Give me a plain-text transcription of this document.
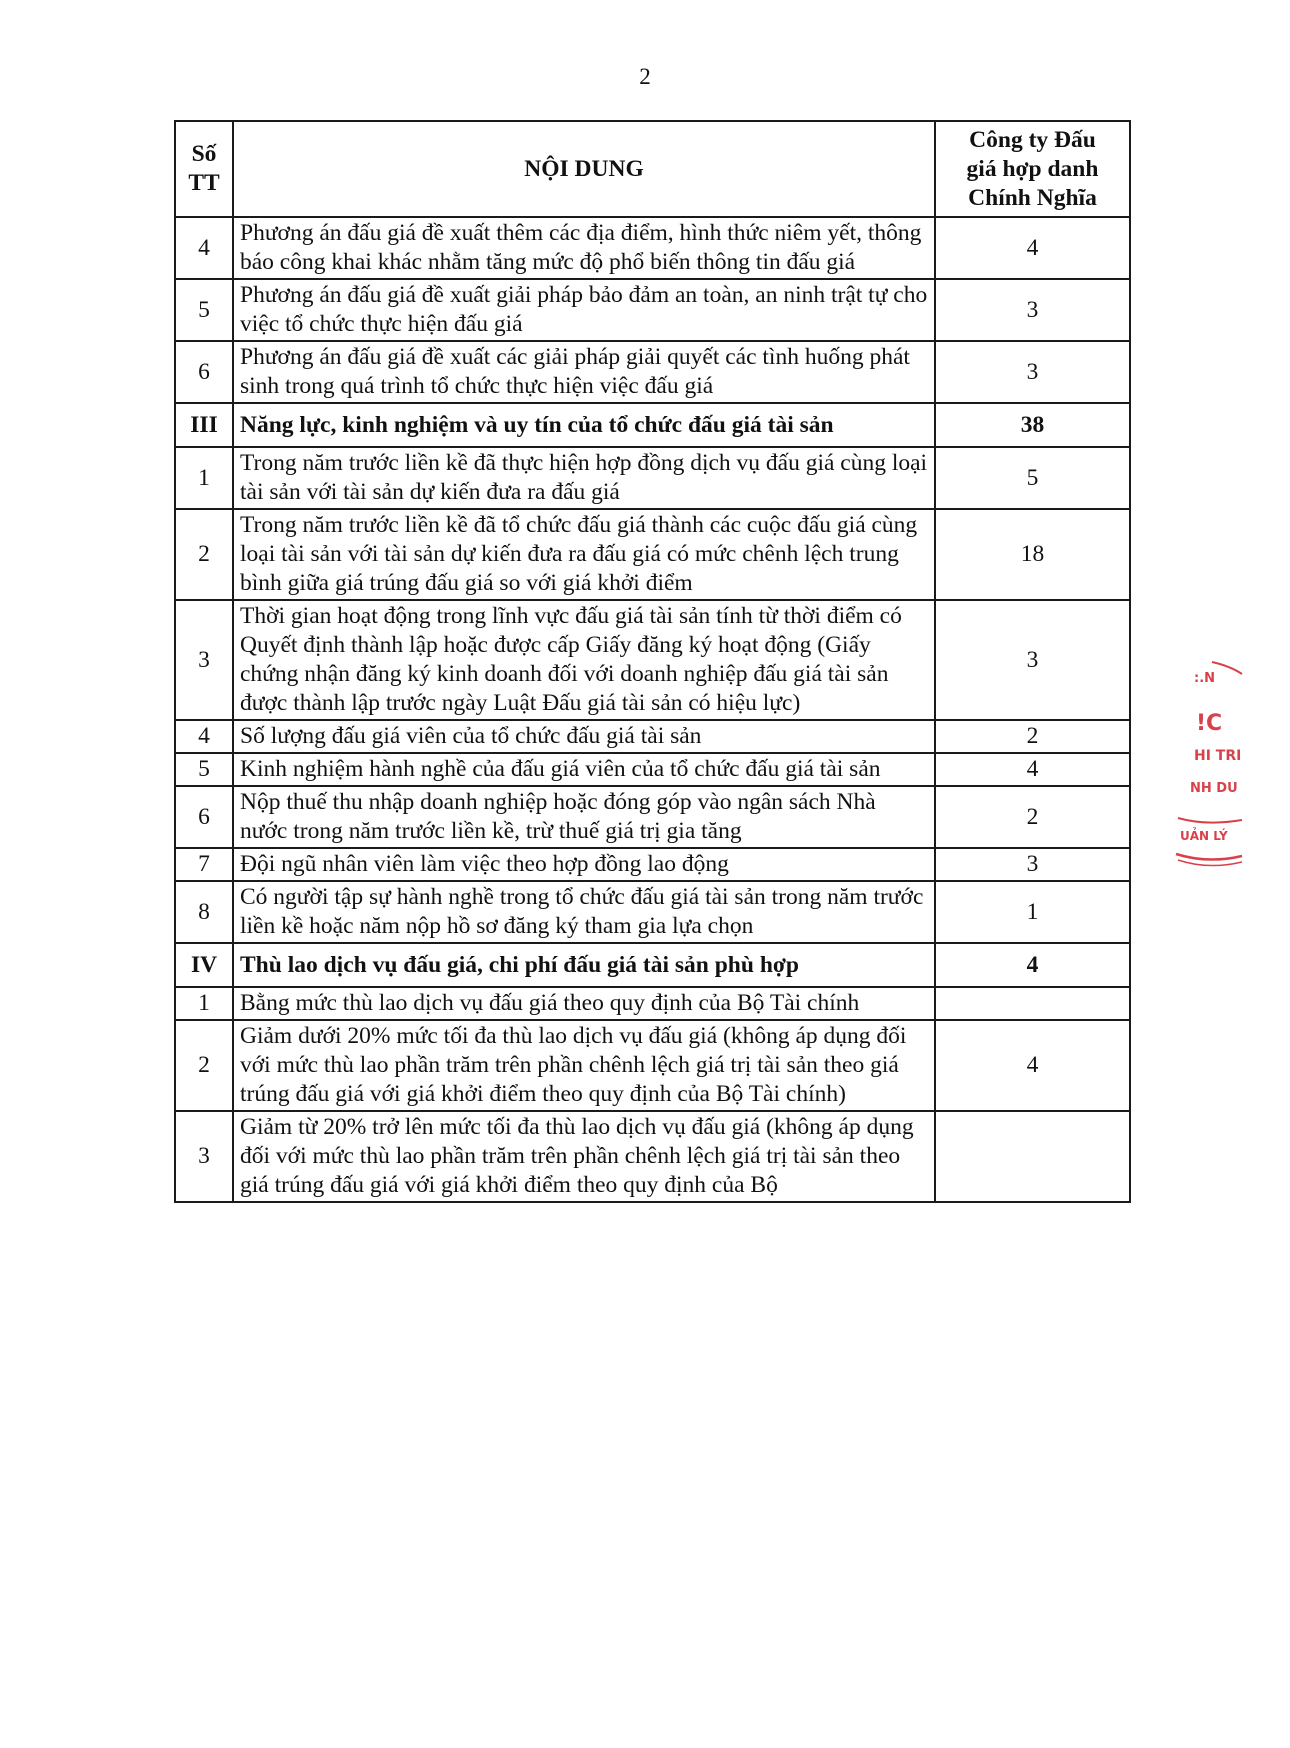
2
Số
TT	NỘI DUNG	Công ty Đấu
giá hợp danh
Chính Nghĩa
4	Phương án đấu giá đề xuất thêm các địa điểm, hình thức niêm yết, thông báo công khai khác nhằm tăng mức độ phổ biến thông tin đấu giá	4
5	Phương án đấu giá đề xuất giải pháp bảo đảm an toàn, an ninh trật tự cho việc tổ chức thực hiện đấu giá	3
6	Phương án đấu giá đề xuất các giải pháp giải quyết các tình huống phát sinh trong quá trình tổ chức thực hiện việc đấu giá	3
III	Năng lực, kinh nghiệm và uy tín của tổ chức đấu giá tài sản	38
1	Trong năm trước liền kề đã thực hiện hợp đồng dịch vụ đấu giá cùng loại tài sản với tài sản dự kiến đưa ra đấu giá	5
2	Trong năm trước liền kề đã tổ chức đấu giá thành các cuộc đấu giá cùng loại tài sản với tài sản dự kiến đưa ra đấu giá có mức chênh lệch trung bình giữa giá trúng đấu giá so với giá khởi điểm	18
3	Thời gian hoạt động trong lĩnh vực đấu giá tài sản tính từ thời điểm có Quyết định thành lập hoặc được cấp Giấy đăng ký hoạt động (Giấy chứng nhận đăng ký kinh doanh đối với doanh nghiệp đấu giá tài sản được thành lập trước ngày Luật Đấu giá tài sản có hiệu lực)	3
4	Số lượng đấu giá viên của tổ chức đấu giá tài sản	2
5	Kinh nghiệm hành nghề của đấu giá viên của tổ chức đấu giá tài sản	4
6	Nộp thuế thu nhập doanh nghiệp hoặc đóng góp vào ngân sách Nhà nước trong năm trước liền kề, trừ thuế giá trị gia tăng	2
7	Đội ngũ nhân viên làm việc theo hợp đồng lao động	3
8	Có người tập sự hành nghề trong tổ chức đấu giá tài sản trong năm trước liền kề hoặc năm nộp hồ sơ đăng ký tham gia lựa chọn	1
IV	Thù lao dịch vụ đấu giá, chi phí đấu giá tài sản phù hợp	4
1	Bằng mức thù lao dịch vụ đấu giá theo quy định của Bộ Tài chính	
2	Giảm dưới 20% mức tối đa thù lao dịch vụ đấu giá (không áp dụng đối với mức thù lao phần trăm trên phần chênh lệch giá trị tài sản theo giá trúng đấu giá với giá khởi điểm theo quy định của Bộ Tài chính)	4
3	Giảm từ 20% trở lên mức tối đa thù lao dịch vụ đấu giá (không áp dụng đối với mức thù lao phần trăm trên phần chênh lệch giá trị tài sản theo giá trúng đấu giá với giá khởi điểm theo quy định của Bộ	
:.N
!C
HI TRI
NH DU
UẢN LÝ
